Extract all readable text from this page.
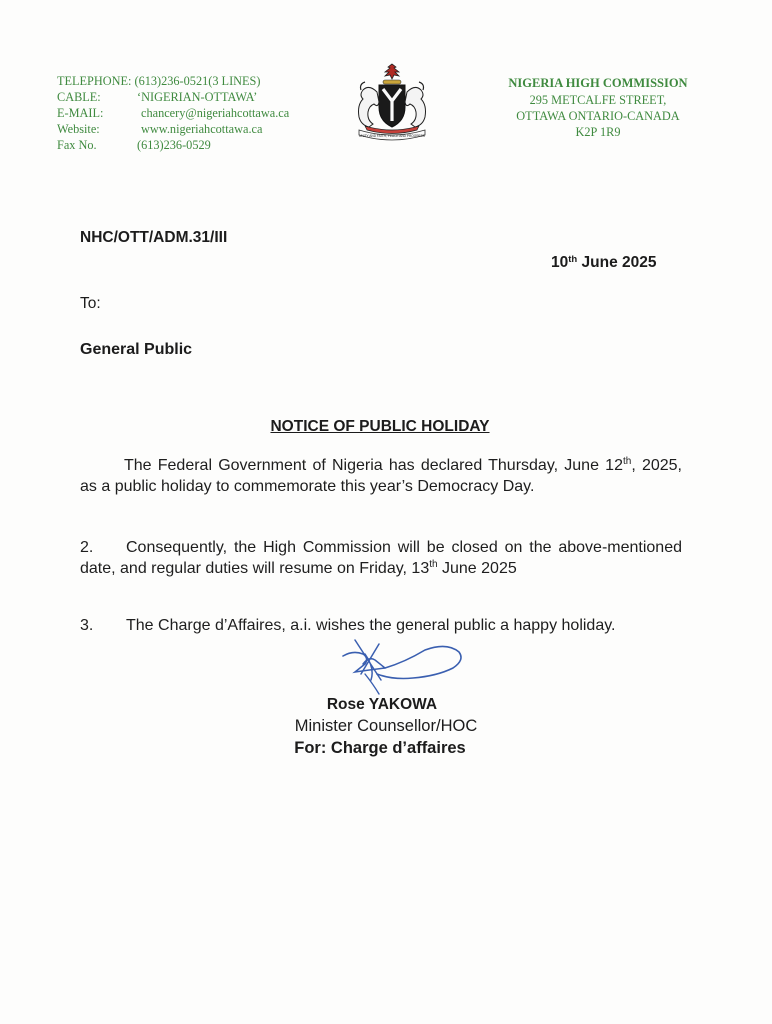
TELEPHONE: (613)236-0521(3 LINES)
CABLE:	‘NIGERIAN-OTTAWA’
E-MAIL:	chancery@nigeriahcottawa.ca
Website:	www.nigeriahcottawa.ca
Fax No.	(613)236-0529
UNITY AND FAITH, PEACE AND PROGRESS
NIGERIA HIGH COMMISSION
295 METCALFE STREET,
OTTAWA ONTARIO-CANADA
K2P 1R9
NHC/OTT/ADM.31/III
10th June 2025
To:
General Public
NOTICE OF PUBLIC HOLIDAY
The Federal Government of Nigeria has declared Thursday, June 12th, 2025, as a public holiday to commemorate this year’s Democracy Day.
2. Consequently, the High Commission will be closed on the above-mentioned date, and regular duties will resume on Friday, 13th June 2025
3. The Charge d’Affaires, a.i. wishes the general public a happy holiday.
Rose YAKOWA
Minister Counsellor/HOC
For: Charge d’affaires
